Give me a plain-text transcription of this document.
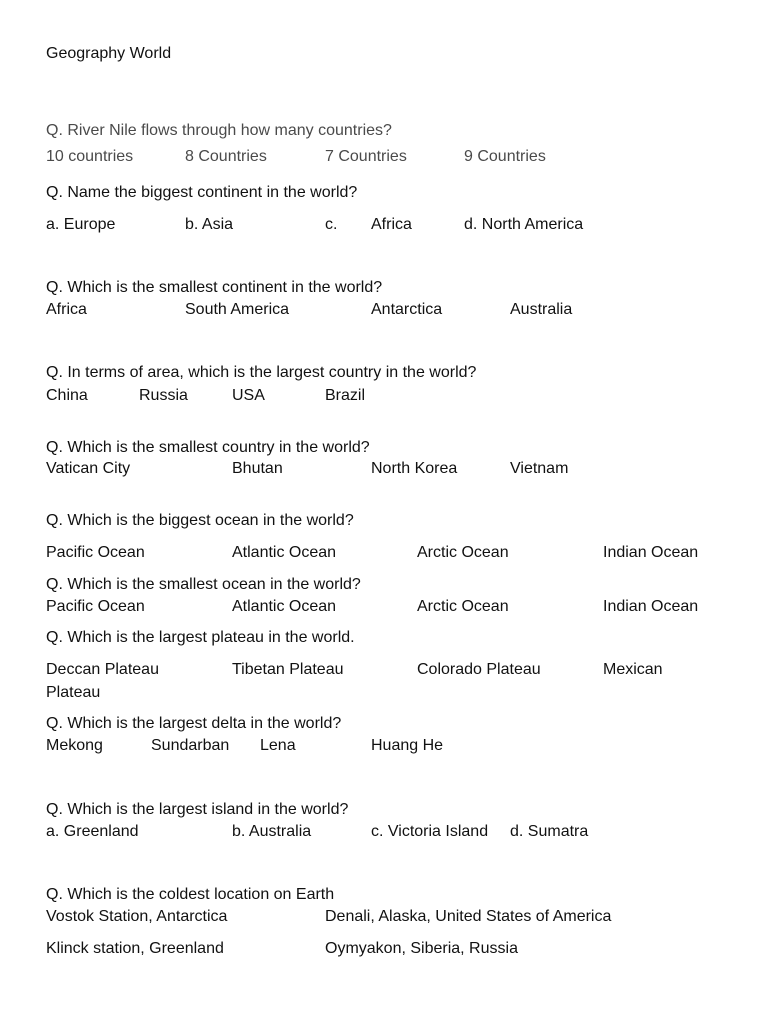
Geography World
Q. River Nile flows through how many countries?
10 countries	8 Countries	7 Countries	9 Countries
Q. Name the biggest continent in the world?
a. Europe	b. Asia	c. Africa	d. North America
Q. Which is the smallest continent in the world?
Africa	South America	Antarctica	Australia
Q. In terms of area, which is the largest country in the world?
China	Russia	USA	Brazil
Q. Which is the smallest country in the world?
Vatican City	Bhutan	North Korea	Vietnam
Q. Which is the biggest ocean in the world?
Pacific Ocean	Atlantic Ocean	Arctic Ocean	Indian Ocean
Q. Which is the smallest ocean in the world?
Pacific Ocean	Atlantic Ocean	Arctic Ocean	Indian Ocean
Q. Which is the largest plateau in the world.
Deccan Plateau	Tibetan Plateau	Colorado Plateau	Mexican
Plateau
Q. Which is the largest delta in the world?
Mekong	Sundarban Lena	Huang He
Q. Which is the largest island in the world?
a. Greenland	b. Australia	c. Victoria Island d. Sumatra
Q. Which is the coldest location on Earth
Vostok Station, Antarctica	Denali, Alaska, United States of America
Klinck station, Greenland	Oymyakon, Siberia, Russia
